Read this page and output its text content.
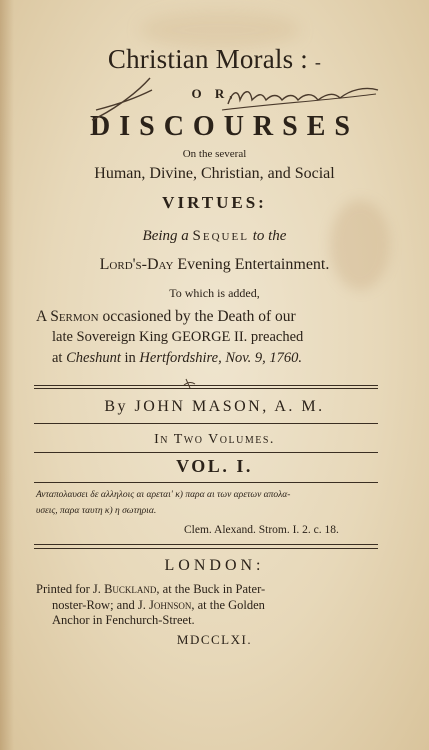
Christian Morals : -
O R,
DISCOURSES
On the several
Human, Divine, Christian, and Social
VIRTUES:
Being a Sequel to the
Lord's-Day Evening Entertainment.
To which is added,
A Sermon occasioned by the Death of our
late Sovereign King GEORGE II. preached
at Cheshunt in Hertfordshire, Nov. 9, 1760.
By JOHN MASON, A. M.
In Two Volumes.
VOL. I.
Ανταπολαυσει δε αλληλοις αι αρεται' κ) παρα αι των αρετων απολα-
υσεις, παρα ταυτη κ) η σωτηρια.
Clem. Alexand. Strom. I. 2. c. 18.
LONDON:
Printed for J. Buckland, at the Buck in Pater-
noster-Row; and J. Johnson, at the Golden
Anchor in Fenchurch-Street.
MDCCLXI.
